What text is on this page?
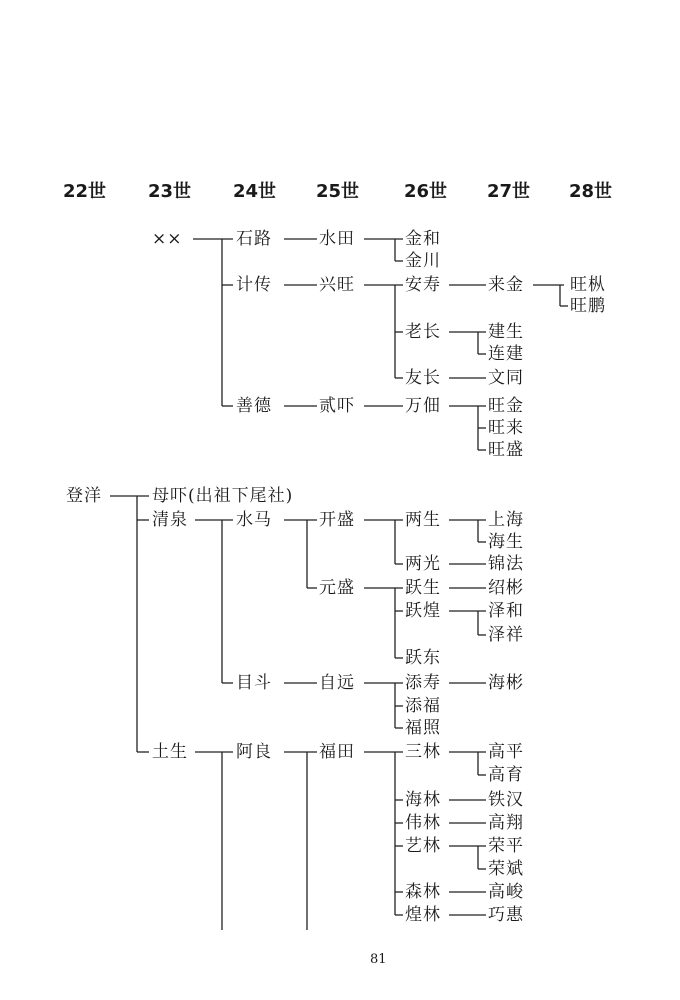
22世 23世 24世 25世 26世 27世 28世
××	石路	水田	金和
金川
计传	兴旺	安寿	来金	旺枞
旺鹏
老长	建生
连建
友长	文同
善德	贰吓	万佃	旺金
旺来
旺盛
登洋	母吓(出祖下尾社)
清泉	水马	开盛	两生	上海
海生
两光	锦法
元盛	跃生	绍彬
跃煌	泽和
泽祥
跃东
目斗	自远	添寿	海彬
添福
福照
土生	阿良	福田	三林	高平
高育
海林	铁汉
伟林	高翔
艺林	荣平
荣斌
森林	高峻
煌林	巧惠
81
